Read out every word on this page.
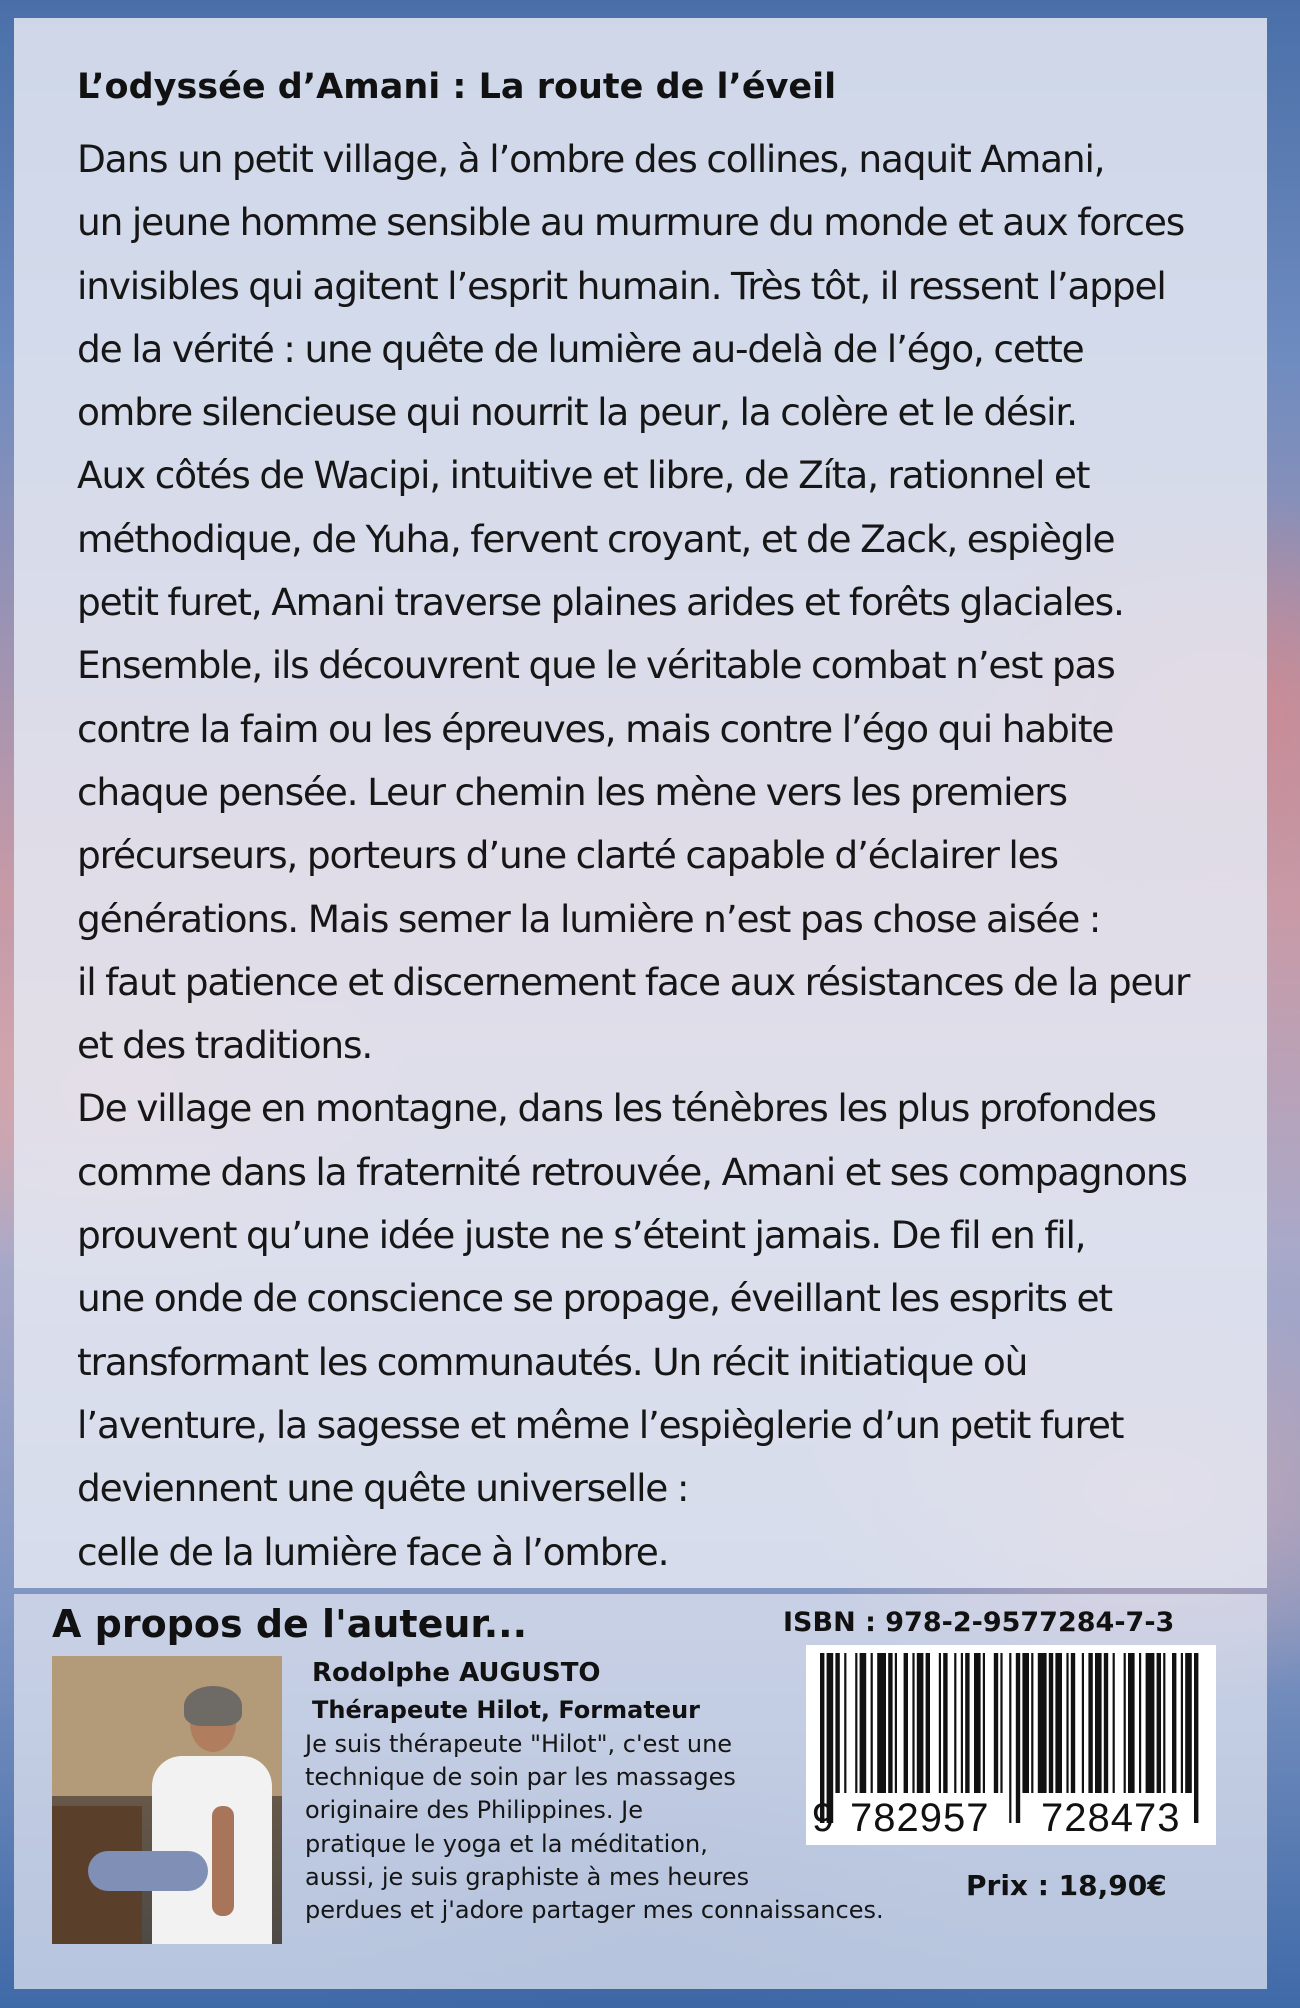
L’odyssée d’Amani : La route de l’éveil
Dans un petit village, à l’ombre des collines, naquit Amani,
un jeune homme sensible au murmure du monde et aux forces
invisibles qui agitent l’esprit humain. Très tôt, il ressent l’appel
de la vérité : une quête de lumière au-delà de l’égo, cette
ombre silencieuse qui nourrit la peur, la colère et le désir.
Aux côtés de Wacipi, intuitive et libre, de Zíta, rationnel et
méthodique, de Yuha, fervent croyant, et de Zack, espiègle
petit furet, Amani traverse plaines arides et forêts glaciales.
Ensemble, ils découvrent que le véritable combat n’est pas
contre la faim ou les épreuves, mais contre l’égo qui habite
chaque pensée. Leur chemin les mène vers les premiers
précurseurs, porteurs d’une clarté capable d’éclairer les
générations. Mais semer la lumière n’est pas chose aisée :
il faut patience et discernement face aux résistances de la peur
et des traditions.
De village en montagne, dans les ténèbres les plus profondes
comme dans la fraternité retrouvée, Amani et ses compagnons
prouvent qu’une idée juste ne s’éteint jamais. De fil en fil,
une onde de conscience se propage, éveillant les esprits et
transformant les communautés. Un récit initiatique où
l’aventure, la sagesse et même l’espièglerie d’un petit furet
deviennent une quête universelle :
celle de la lumière face à l’ombre.
A propos de l'auteur...

Rodolphe AUGUSTO

Thérapeute Hilot, Formateur

Je suis thérapeute "Hilot", c'est une
technique de soin par les massages
originaire des Philippines. Je
pratique le yoga et la méditation,
aussi, je suis graphiste à mes heures
perdues et j'adore partager mes connaissances.

ISBN : 978-2-9577284-7-3

9 782957 728473

Prix : 18,90€
